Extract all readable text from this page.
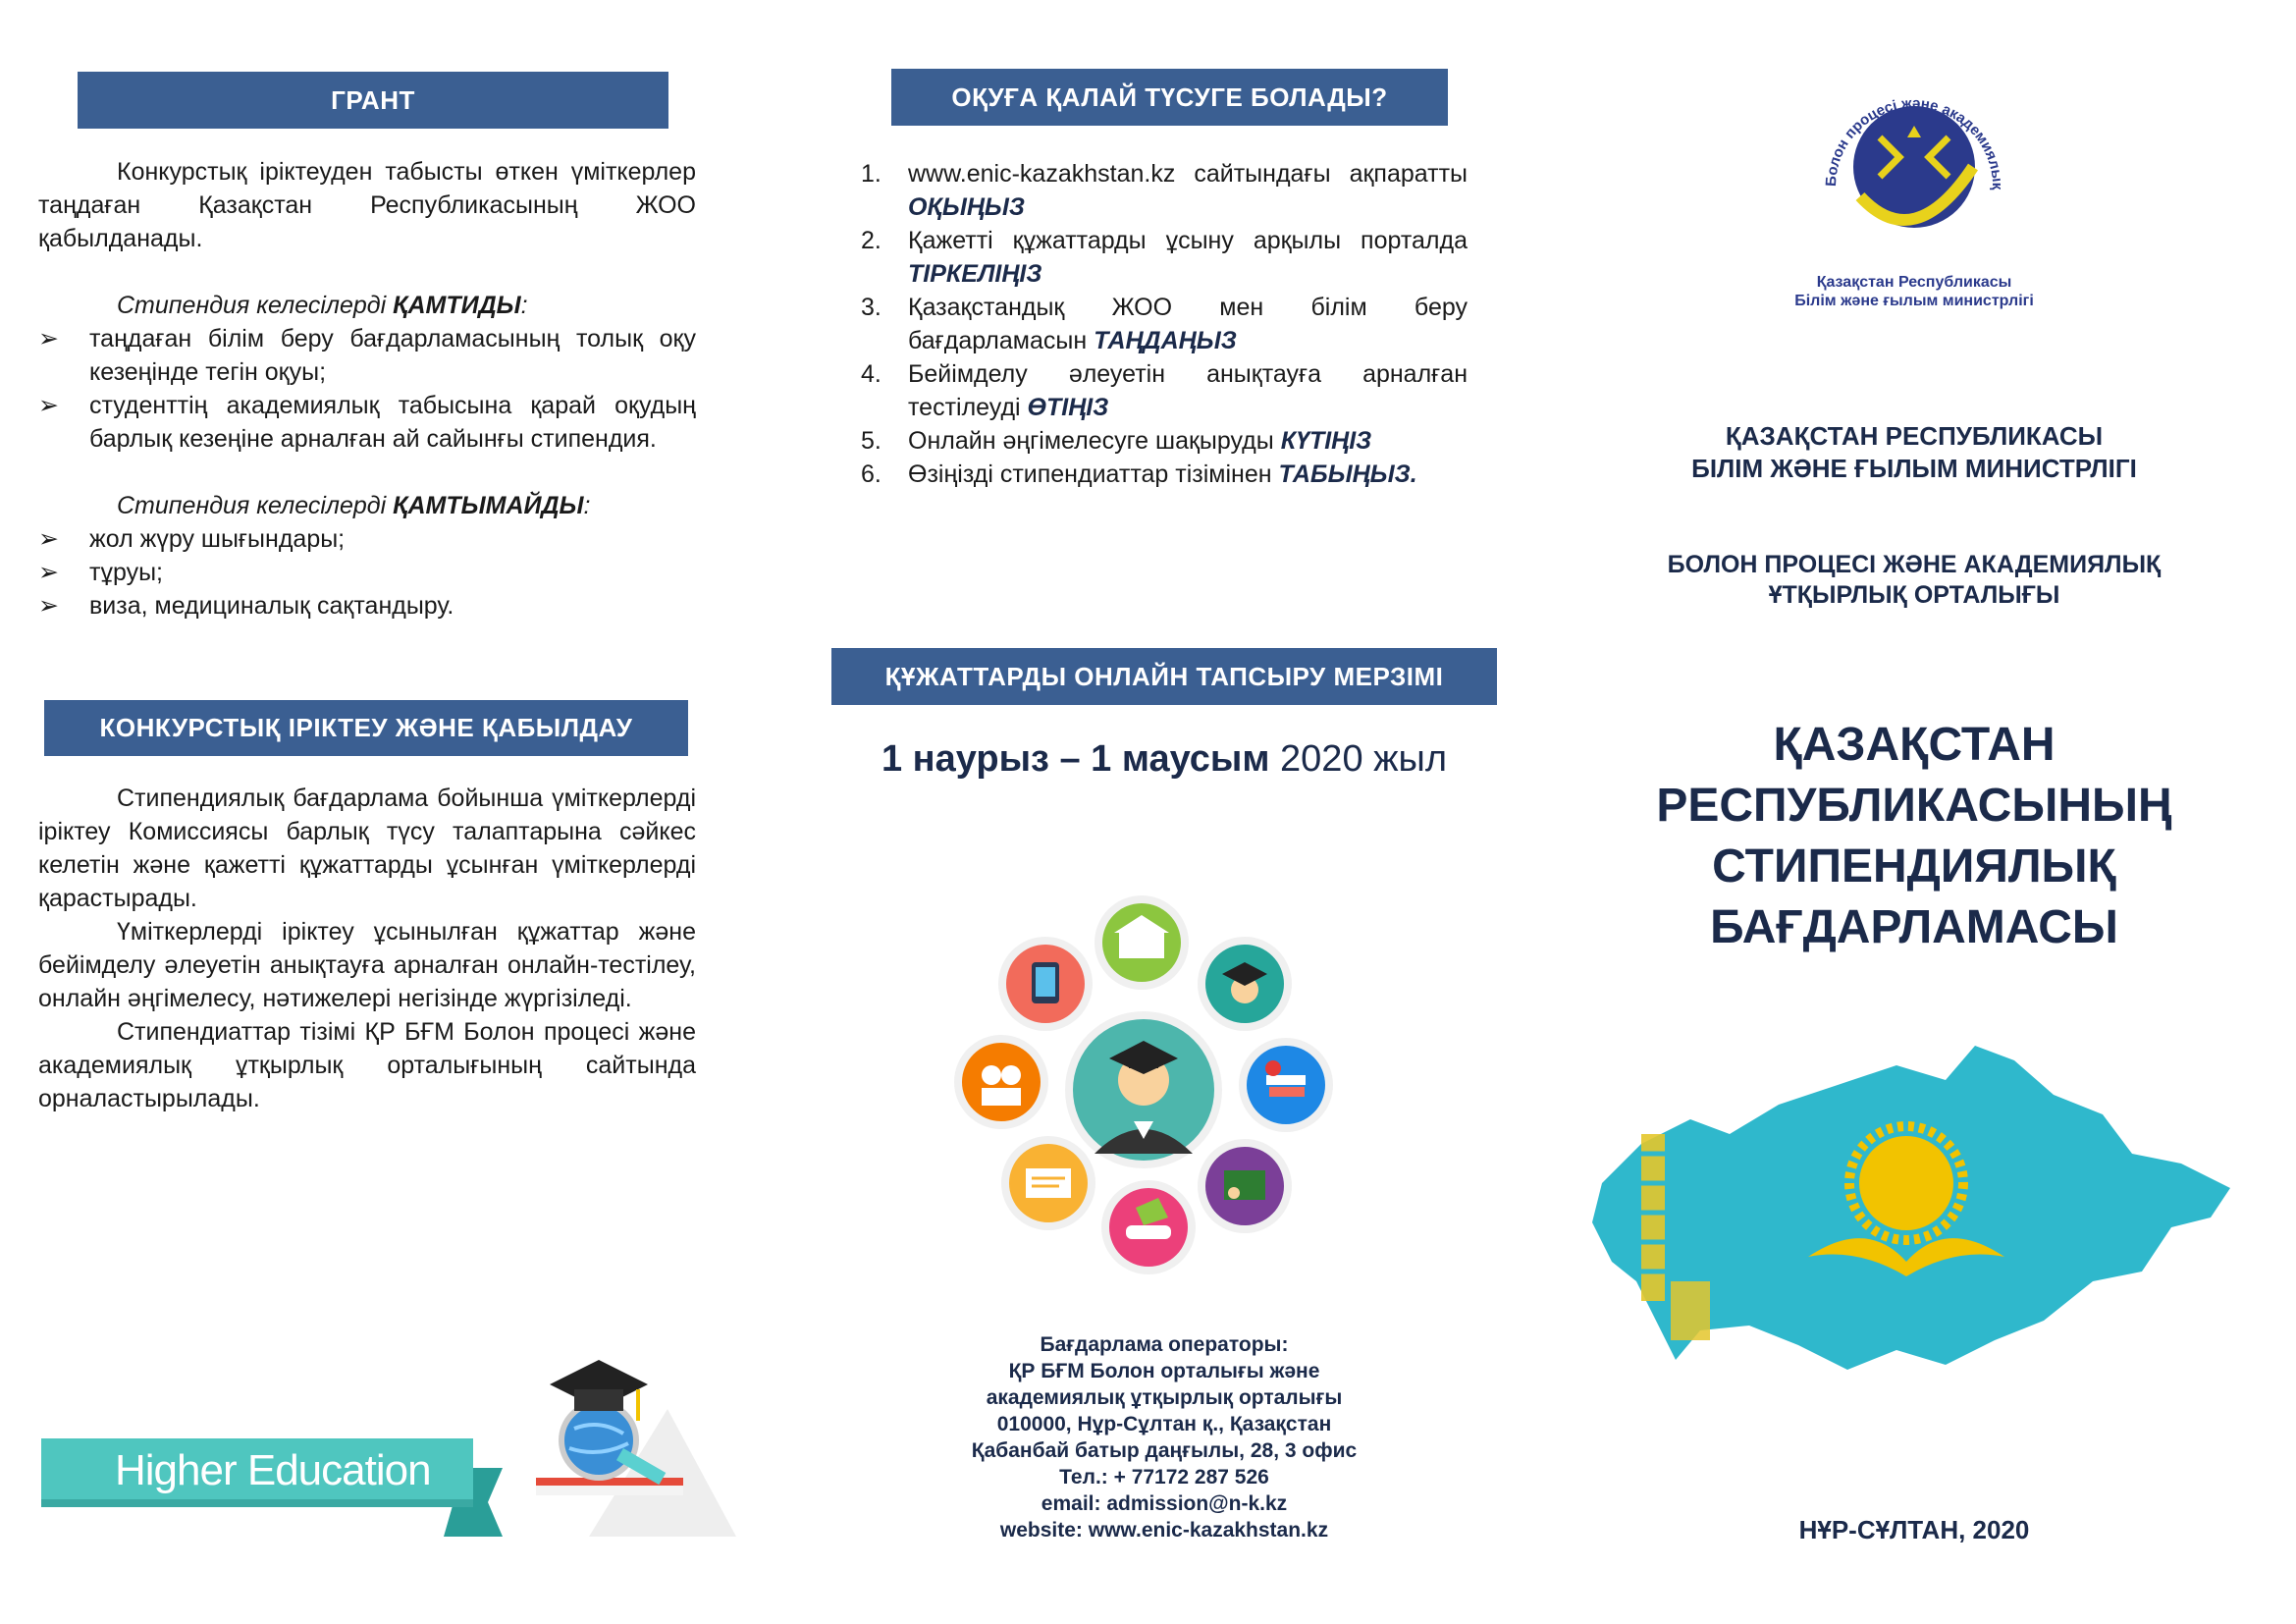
ГРАНТ

Конкурстық іріктеуден табысты өткен үміткерлер таңдаған Қазақстан Республикасының ЖОО қабылданады.

Стипендия келесілерді ҚАМТИДЫ:

➢ таңдаған білім беру бағдарламасының толық оқу кезеңінде тегін оқуы;
➢ студенттің академиялық табысына қарай оқудың барлық кезеңіне арналған ай сайынғы стипендия.

Стипендия келесілерді ҚАМТЫМАЙДЫ:

➢ жол жүру шығындары;
➢ тұруы;
➢ виза, медициналық сақтандыру.
КОНКУРСТЫҚ ІРІКТЕУ ЖӘНЕ ҚАБЫЛДАУ

Стипендиялық бағдарлама бойынша үміткерлерді іріктеу Комиссиясы барлық түсу талаптарына сәйкес келетін және қажетті құжаттарды ұсынған үміткерлерді қарастырады.

Үміткерлерді іріктеу ұсынылған құжаттар және бейімделу әлеуетін анықтауға арналған онлайн-тестілеу, онлайн әңгімелесу, нәтижелері негізінде жүргізіледі.

Стипендиаттар тізімі ҚР БҒМ Болон процесі және академиялық ұтқырлық орталығының сайтында орналастырылады.

Higher Education
ОҚУҒА ҚАЛАЙ ТҮСУГЕ БОЛАДЫ?
1. www.enic-kazakhstan.kz сайтындағы ақпаратты ОҚЫҢЫЗ
2. Қажетті құжаттарды ұсыну арқылы порталда ТІРКЕЛІҢІЗ
3. Қазақстандық ЖОО мен білім беру бағдарламасын ТАҢДАҢЫЗ
4. Бейімделу әлеуетін анықтауға арналған тестілеуді ӨТІҢІЗ
5. Онлайн әңгімелесуге шақыруды КҮТІҢІЗ
6. Өзіңізді стипендиаттар тізімінен ТАБЫҢЫЗ.
ҚҰЖАТТАРДЫ ОНЛАЙН ТАПСЫРУ МЕРЗІМІ
1 наурыз – 1 маусым 2020 жыл
Бағдарлама операторы:
ҚР БҒМ Болон орталығы және
академиялық ұтқырлық орталығы
010000, Нұр-Сұлтан қ., Қазақстан
Қабанбай батыр даңғылы, 28, 3 офис
Тел.: + 77172 287 526
email: admission@n-k.kz
website: www.enic-kazakhstan.kz
Болон процесі және академиялық
Қазақстан Республикасы
Білім және ғылым министрлігі
ҚАЗАҚСТАН РЕСПУБЛИКАСЫ
БІЛІМ ЖӘНЕ ҒЫЛЫМ МИНИСТРЛІГІ
БОЛОН ПРОЦЕСІ ЖӘНЕ АКАДЕМИЯЛЫҚ
ҰТҚЫРЛЫҚ ОРТАЛЫҒЫ
ҚАЗАҚСТАН
РЕСПУБЛИКАСЫНЫҢ
СТИПЕНДИЯЛЫҚ
БАҒДАРЛАМАСЫ
НҰР-СҰЛТАН, 2020
